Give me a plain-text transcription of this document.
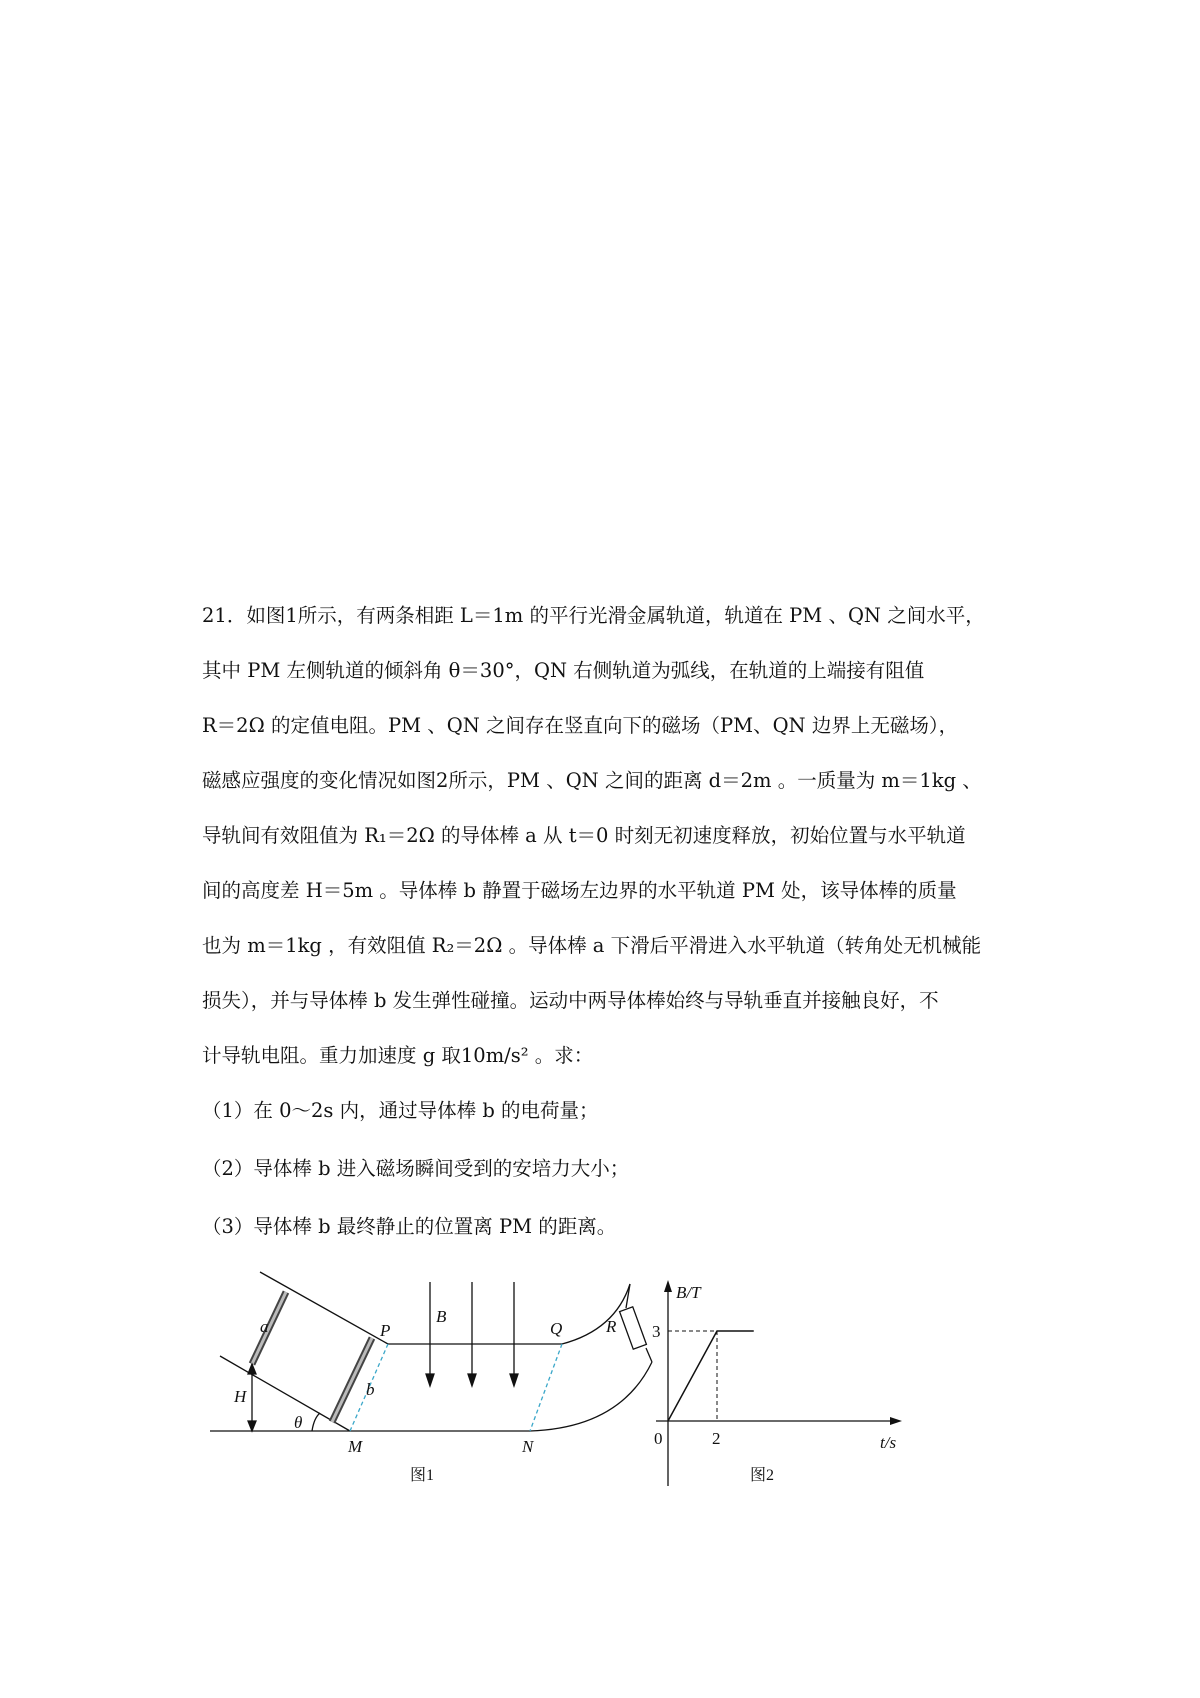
21．如图1所示，有两条相距 L＝1m 的平行光滑金属轨道，轨道在 PM 、QN 之间水平，
其中 PM 左侧轨道的倾斜角 θ＝30°，QN 右侧轨道为弧线，在轨道的上端接有阻值
R＝2Ω 的定值电阻。PM 、QN 之间存在竖直向下的磁场（PM、QN 边界上无磁场），
磁感应强度的变化情况如图2所示，PM 、QN 之间的距离 d＝2m 。一质量为 m＝1kg 、
导轨间有效阻值为 R₁＝2Ω 的导体棒 a 从 t＝0 时刻无初速度释放，初始位置与水平轨道
间的高度差 H＝5m 。导体棒 b 静置于磁场左边界的水平轨道 PM 处，该导体棒的质量
也为 m＝1kg ，有效阻值 R₂＝2Ω 。导体棒 a 下滑后平滑进入水平轨道（转角处无机械能
损失），并与导体棒 b 发生弹性碰撞。运动中两导体棒始终与导轨垂直并接触良好，不
计导轨电阻。重力加速度 g 取10m/s² 。求：
（1）在 0～2s 内，通过导体棒 b 的电荷量；
（2）导体棒 b 进入磁场瞬间受到的安培力大小；
（3）导体棒 b 最终静止的位置离 PM 的距离。
a
b
P	Q
M	N
H
θ
B
R
图1
B/T
t/s
0
3
2
图2
